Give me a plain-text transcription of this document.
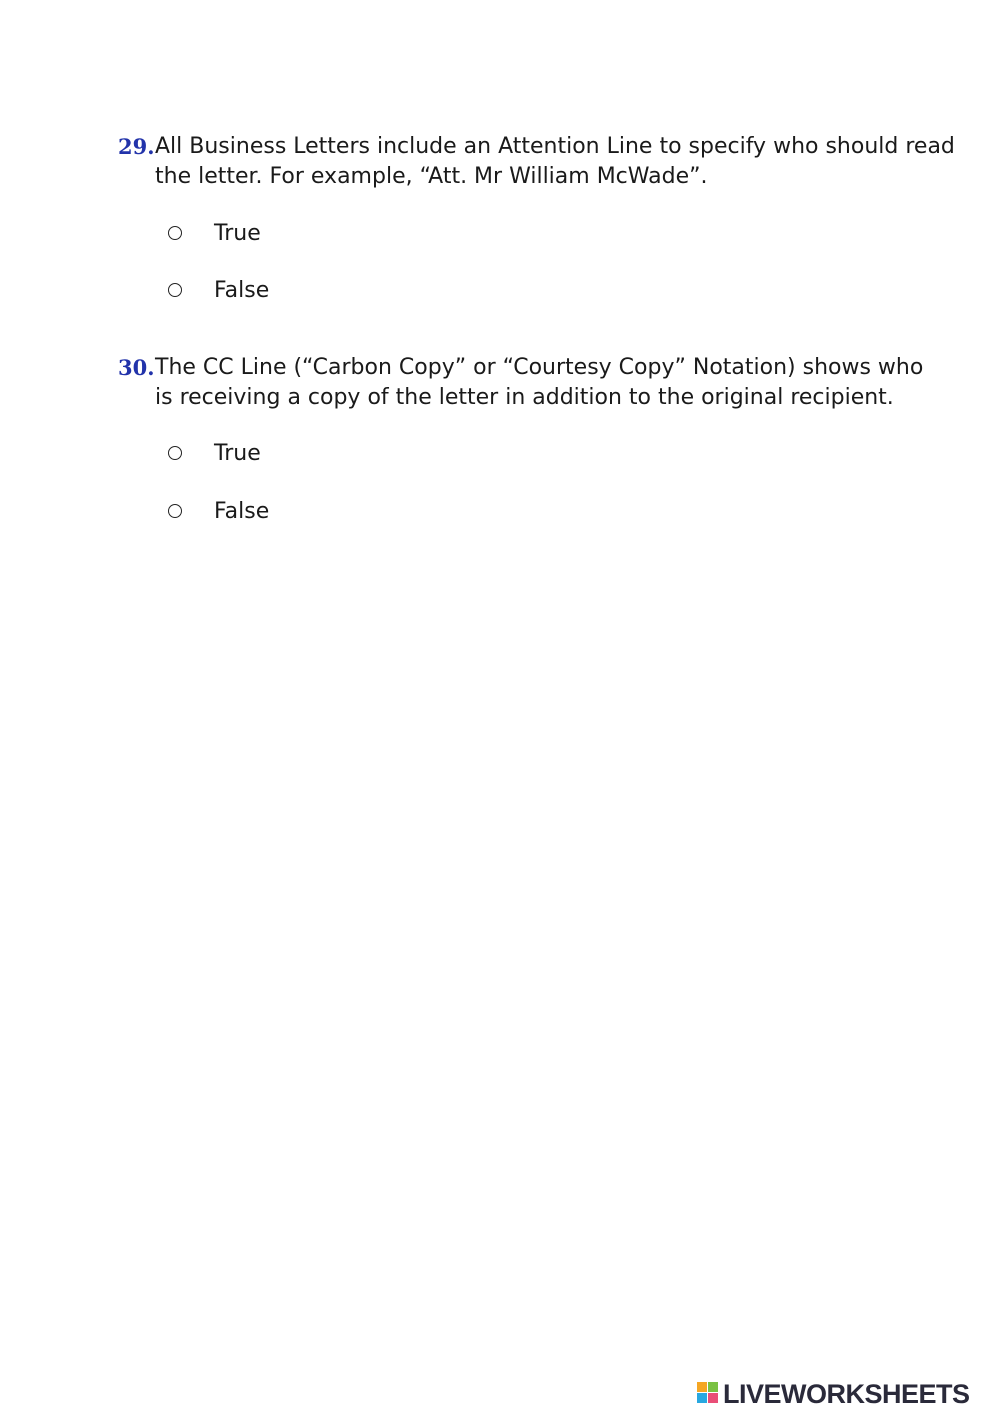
29. All Business Letters include an Attention Line to specify who should read
the letter. For example, “Att. Mr William McWade”.
True
False
30. The CC Line (“Carbon Copy” or “Courtesy Copy” Notation) shows who
is receiving a copy of the letter in addition to the original recipient.
True
False
LIVEWORKSHEETS
